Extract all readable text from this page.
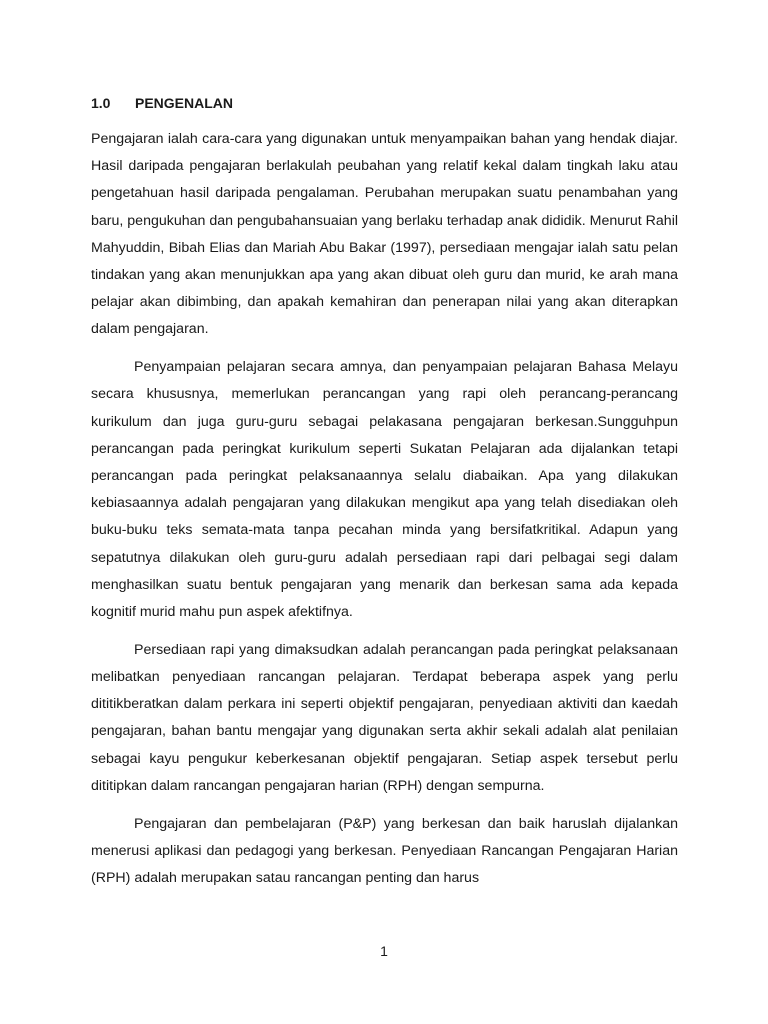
1.0 PENGENALAN

Pengajaran ialah cara-cara yang digunakan untuk menyampaikan bahan yang hendak diajar. Hasil daripada pengajaran berlakulah peubahan yang relatif kekal dalam tingkah laku atau pengetahuan hasil daripada pengalaman. Perubahan merupakan suatu penambahan yang baru, pengukuhan dan pengubahansuaian yang berlaku terhadap anak dididik. Menurut Rahil Mahyuddin, Bibah Elias dan Mariah Abu Bakar (1997), persediaan mengajar ialah satu pelan tindakan yang akan menunjukkan apa yang akan dibuat oleh guru dan murid, ke arah mana pelajar akan dibimbing, dan apakah kemahiran dan penerapan nilai yang akan diterapkan dalam pengajaran.

Penyampaian pelajaran secara amnya, dan penyampaian pelajaran Bahasa Melayu secara khususnya, memerlukan perancangan yang rapi oleh perancang-perancang kurikulum dan juga guru-guru sebagai pelakasana pengajaran berkesan.Sungguhpun perancangan pada peringkat kurikulum seperti Sukatan Pelajaran ada dijalankan tetapi perancangan pada peringkat pelaksanaannya selalu diabaikan. Apa yang dilakukan kebiasaannya adalah pengajaran yang dilakukan mengikut apa yang telah disediakan oleh buku-buku teks semata-mata tanpa pecahan minda yang bersifatkritikal. Adapun yang sepatutnya dilakukan oleh guru-guru adalah persediaan rapi dari pelbagai segi dalam menghasilkan suatu bentuk pengajaran yang menarik dan berkesan sama ada kepada kognitif murid mahu pun aspek afektifnya.

Persediaan rapi yang dimaksudkan adalah perancangan pada peringkat pelaksanaan melibatkan penyediaan rancangan pelajaran. Terdapat beberapa aspek yang perlu dititikberatkan dalam perkara ini seperti objektif pengajaran, penyediaan aktiviti dan kaedah pengajaran, bahan bantu mengajar yang digunakan serta akhir sekali adalah alat penilaian sebagai kayu pengukur keberkesanan objektif pengajaran. Setiap aspek tersebut perlu dititipkan dalam rancangan pengajaran harian (RPH) dengan sempurna.

Pengajaran dan pembelajaran (P&P) yang berkesan dan baik haruslah dijalankan menerusi aplikasi dan pedagogi yang berkesan. Penyediaan Rancangan Pengajaran Harian (RPH) adalah merupakan satau rancangan penting dan harus

1
